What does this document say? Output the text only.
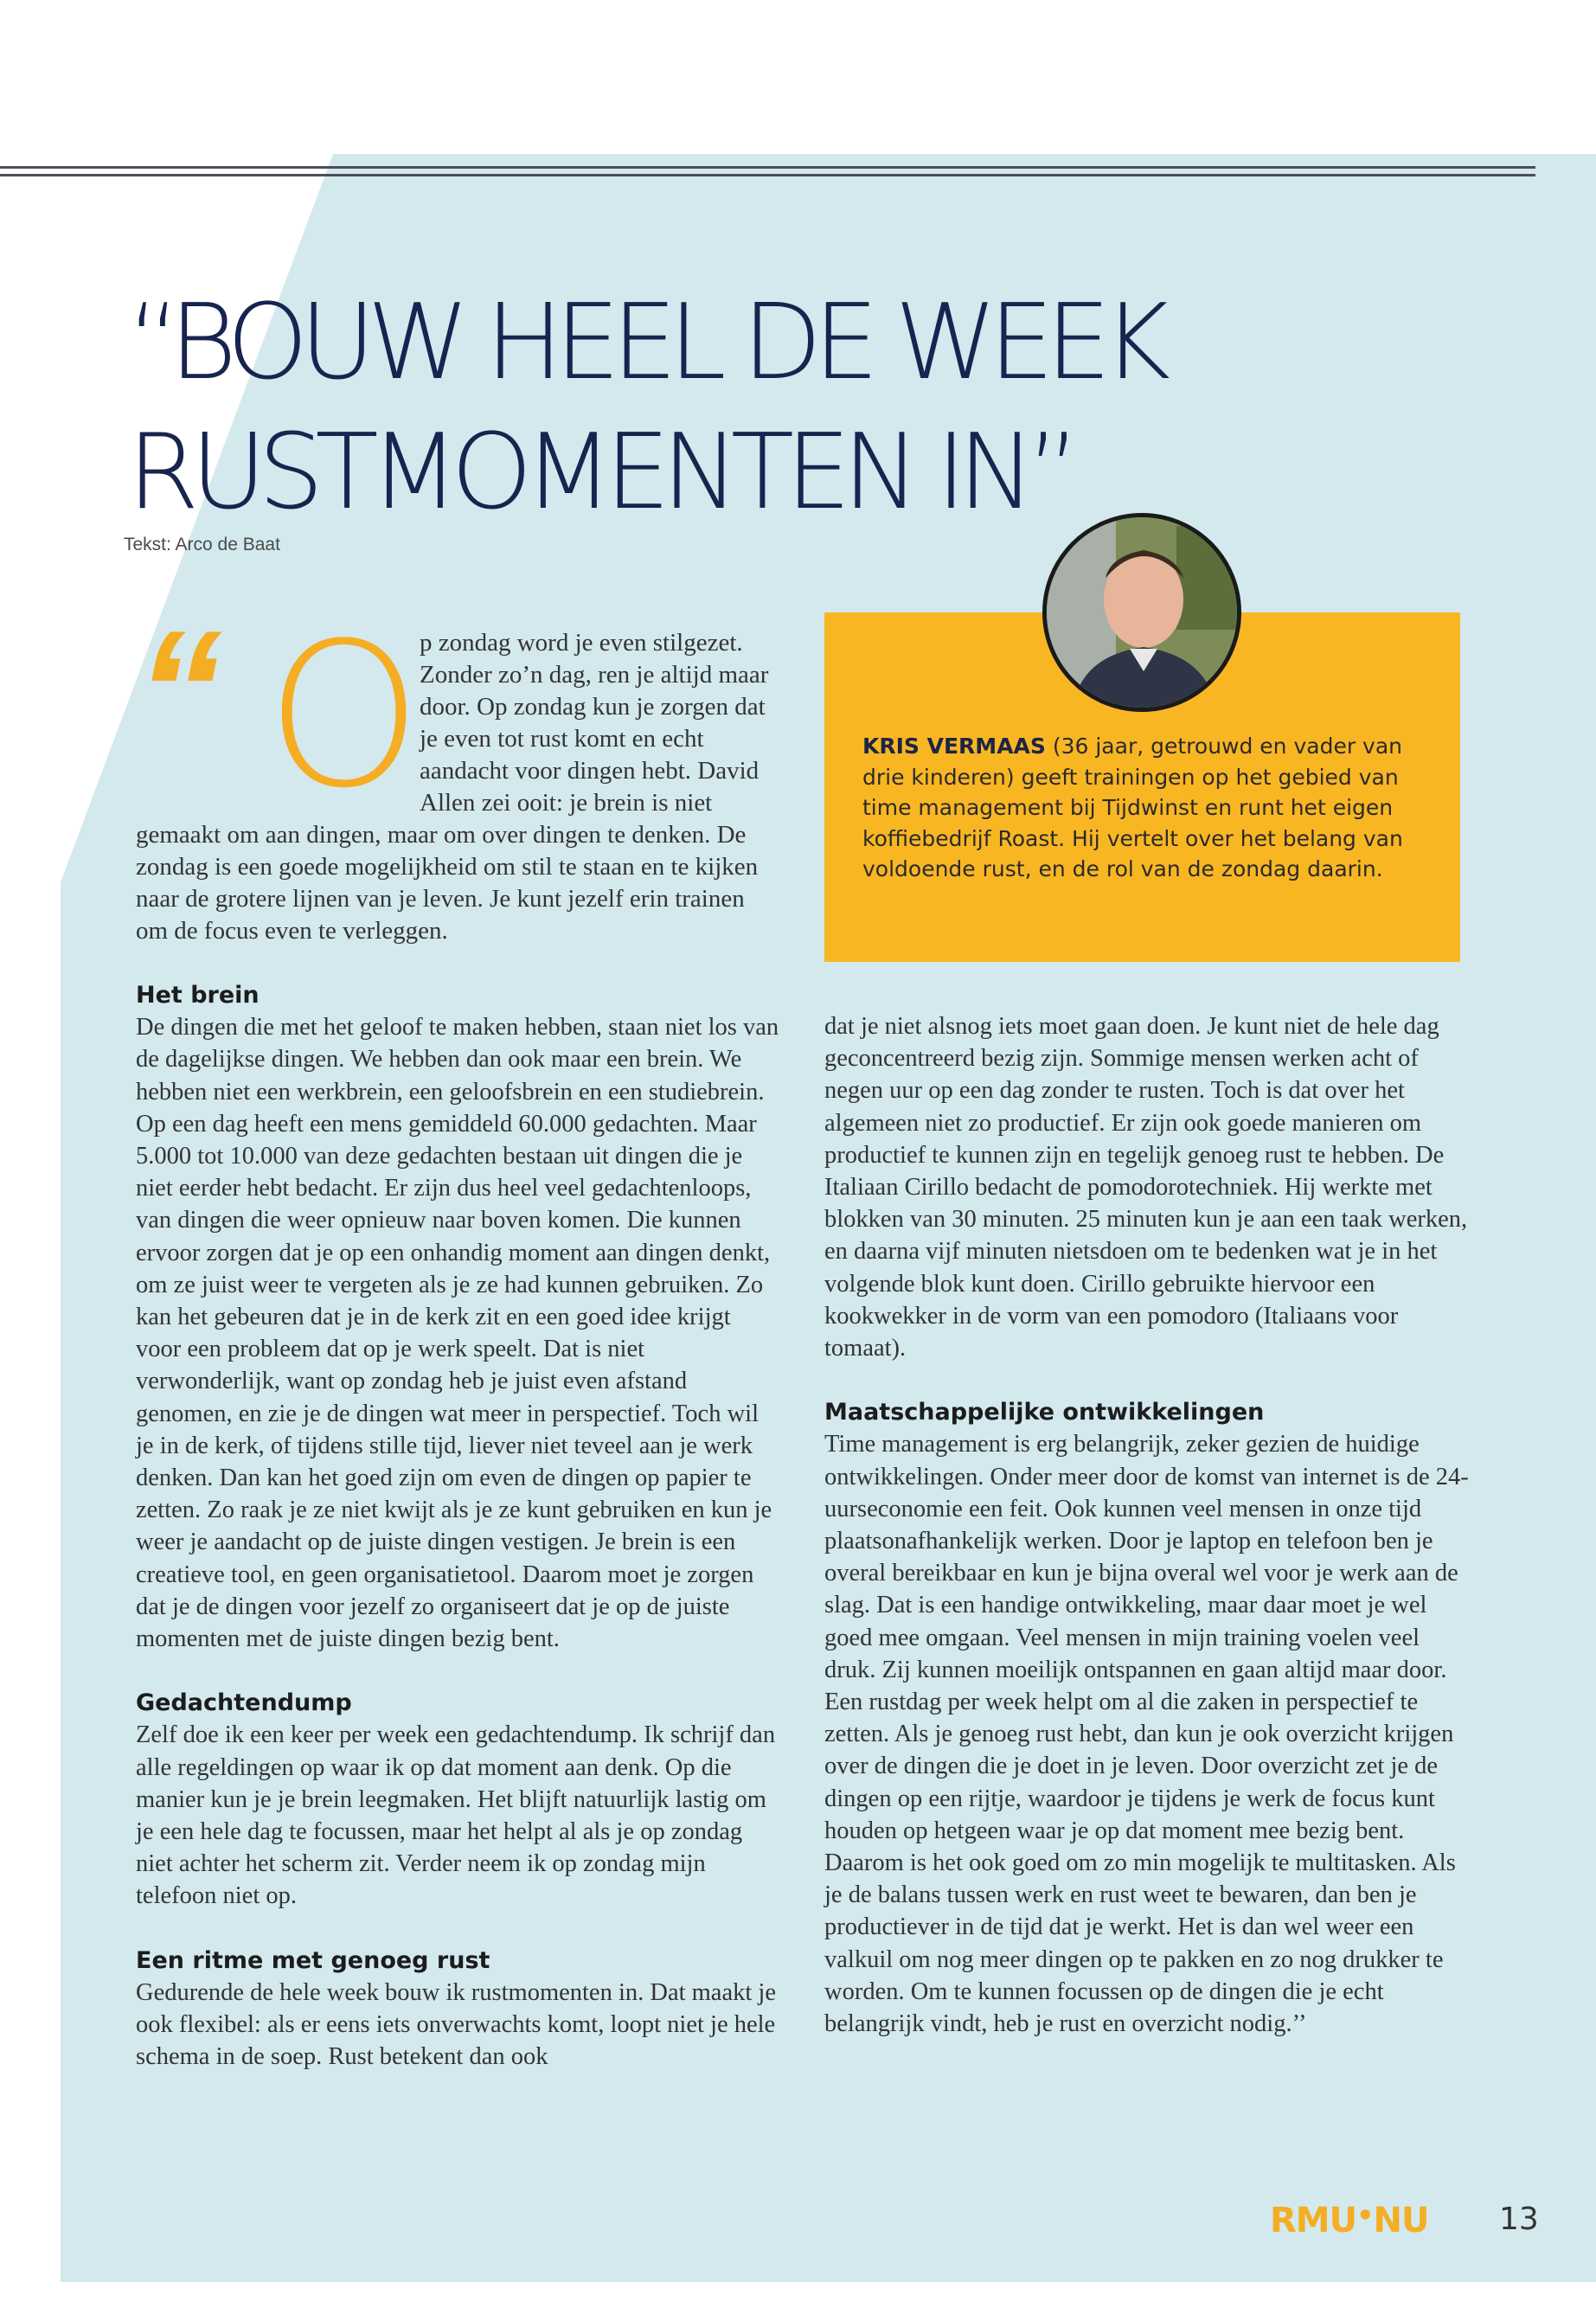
“BOUW HEEL DE WEEK
RUSTMOMENTEN IN”
Tekst: Arco de Baat

“ O
p zondag word je even stilgezet. Zonder zo’n dag, ren je altijd maar door. Op zondag kun je zorgen dat je even tot rust komt en echt aandacht voor dingen hebt. David Allen zei ooit: je brein is niet gemaakt om aan dingen, maar om over dingen te denken. De zondag is een goede mogelijkheid om stil te staan en te kijken naar de grotere lijnen van je leven. Je kunt jezelf erin trainen om de focus even te verleggen.

KRIS VERMAAS (36 jaar, getrouwd en vader van drie kinderen) geeft trainingen op het gebied van time management bij Tijdwinst en runt het eigen koffiebedrijf Roast. Hij vertelt over het belang van voldoende rust, en de rol van de zondag daarin.

Het brein

De dingen die met het geloof te maken hebben, staan niet los van de dagelijkse dingen. We hebben dan ook maar een brein. We hebben niet een werkbrein, een geloofsbrein en een studiebrein. Op een dag heeft een mens gemiddeld 60.000 gedachten. Maar 5.000 tot 10.000 van deze gedachten bestaan uit dingen die je niet eerder hebt bedacht. Er zijn dus heel veel gedachtenloops, van dingen die weer opnieuw naar boven komen. Die kunnen ervoor zorgen dat je op een onhandig moment aan dingen denkt, om ze juist weer te vergeten als je ze had kunnen gebruiken. Zo kan het gebeuren dat je in de kerk zit en een goed idee krijgt voor een probleem dat op je werk speelt. Dat is niet verwonderlijk, want op zondag heb je juist even afstand genomen, en zie je de dingen wat meer in perspectief. Toch wil je in de kerk, of tijdens stille tijd, liever niet teveel aan je werk denken. Dan kan het goed zijn om even de dingen op papier te zetten. Zo raak je ze niet kwijt als je ze kunt gebruiken en kun je weer je aandacht op de juiste dingen vestigen. Je brein is een creatieve tool, en geen organisatietool. Daarom moet je zorgen dat je de dingen voor jezelf zo organiseert dat je op de juiste momenten met de juiste dingen bezig bent.

Gedachtendump

Zelf doe ik een keer per week een gedachtendump. Ik schrijf dan alle regeldingen op waar ik op dat moment aan denk. Op die manier kun je je brein leegmaken. Het blijft natuurlijk lastig om je een hele dag te focussen, maar het helpt al als je op zondag niet achter het scherm zit. Verder neem ik op zondag mijn telefoon niet op.

Een ritme met genoeg rust

Gedurende de hele week bouw ik rustmomenten in. Dat maakt je ook flexibel: als er eens iets onverwachts komt, loopt niet je hele schema in de soep. Rust betekent dan ook

dat je niet alsnog iets moet gaan doen. Je kunt niet de hele dag geconcentreerd bezig zijn. Sommige mensen werken acht of negen uur op een dag zonder te rusten. Toch is dat over het algemeen niet zo productief. Er zijn ook goede manieren om productief te kunnen zijn en tegelijk genoeg rust te hebben. De Italiaan Cirillo bedacht de pomodorotechniek. Hij werkte met blokken van 30 minuten. 25 minuten kun je aan een taak werken, en daarna vijf minuten nietsdoen om te bedenken wat je in het volgende blok kunt doen. Cirillo gebruikte hiervoor een kookwekker in de vorm van een pomodoro (Italiaans voor tomaat).

Maatschappelijke ontwikkelingen

Time management is erg belangrijk, zeker gezien de huidige ontwikkelingen. Onder meer door de komst van internet is de 24-uurseconomie een feit. Ook kunnen veel mensen in onze tijd plaatsonafhankelijk werken. Door je laptop en telefoon ben je overal bereikbaar en kun je bijna overal wel voor je werk aan de slag. Dat is een handige ontwikkeling, maar daar moet je wel goed mee omgaan. Veel mensen in mijn training voelen veel druk. Zij kunnen moeilijk ontspannen en gaan altijd maar door. Een rustdag per week helpt om al die zaken in perspectief te zetten. Als je genoeg rust hebt, dan kun je ook overzicht krijgen over de dingen die je doet in je leven. Door overzicht zet je de dingen op een rijtje, waardoor je tijdens je werk de focus kunt houden op hetgeen waar je op dat moment mee bezig bent. Daarom is het ook goed om zo min mogelijk te multitasken. Als je de balans tussen werk en rust weet te bewaren, dan ben je productiever in de tijd dat je werkt. Het is dan wel weer een valkuil om nog meer dingen op te pakken en zo nog drukker te worden. Om te kunnen focussen op de dingen die je echt belangrijk vindt, heb je rust en overzicht nodig.’’

RMU•NU 13
